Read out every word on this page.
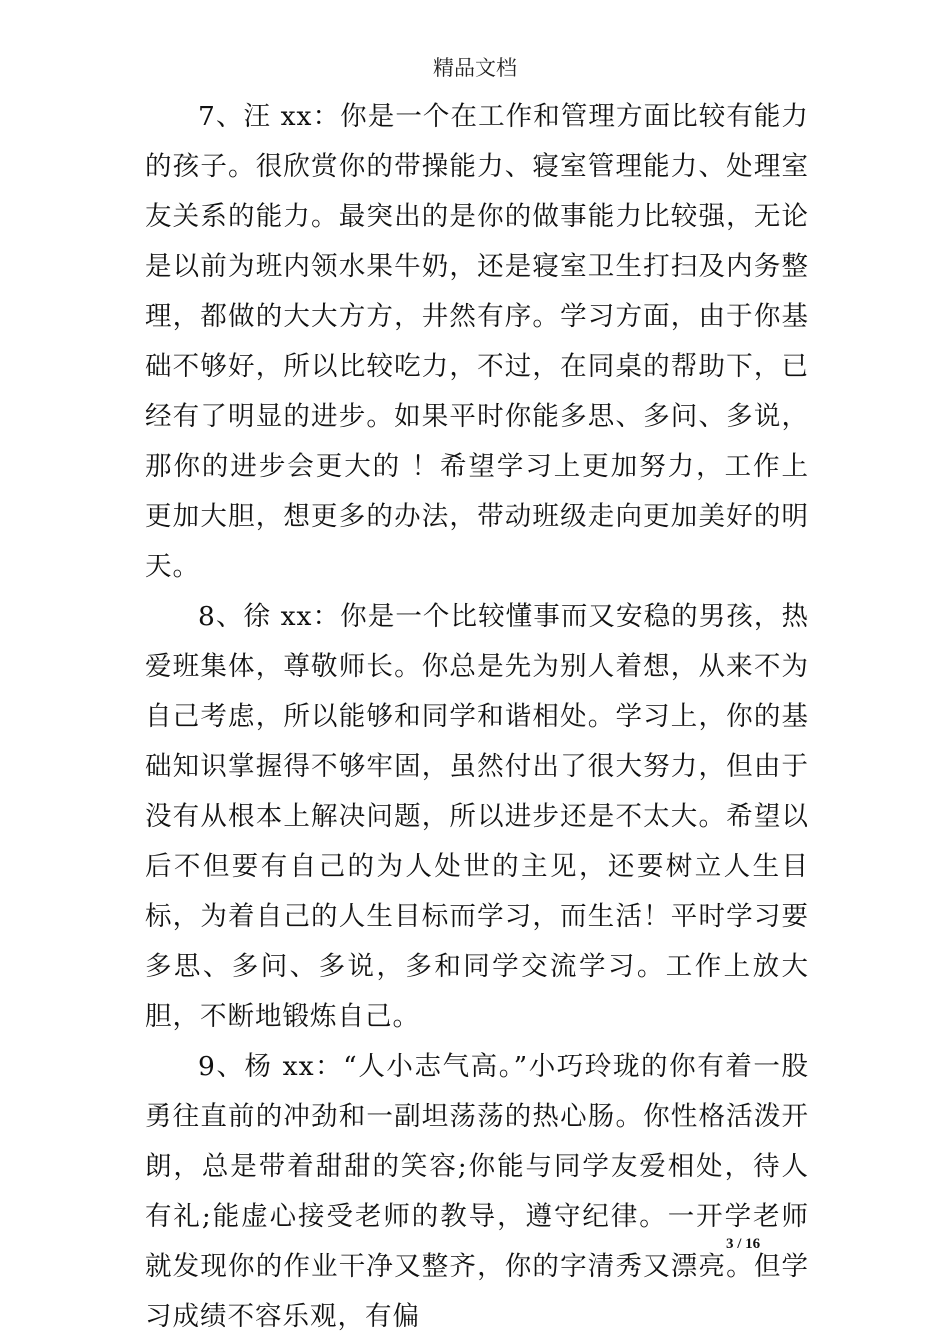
精品文档

7、汪 xx：你是一个在工作和管理方面比较有能力的孩子。很欣赏你的带操能力、寝室管理能力、处理室友关系的能力。最突出的是你的做事能力比较强，无论是以前为班内领水果牛奶，还是寝室卫生打扫及内务整理，都做的大大方方，井然有序。学习方面，由于你基础不够好，所以比较吃力，不过，在同桌的帮助下，已经有了明显的进步。如果平时你能多思、多问、多说，那你的进步会更大的 ！希望学习上更加努力，工作上更加大胆，想更多的办法，带动班级走向更加美好的明天。

8、徐 xx：你是一个比较懂事而又安稳的男孩，热爱班集体，尊敬师长。你总是先为别人着想，从来不为自己考虑，所以能够和同学和谐相处。学习上，你的基础知识掌握得不够牢固，虽然付出了很大努力，但由于没有从根本上解决问题，所以进步还是不太大。希望以后不但要有自己的为人处世的主见，还要树立人生目标，为着自己的人生目标而学习，而生活！平时学习要多思、多问、多说，多和同学交流学习。工作上放大胆，不断地锻炼自己。

9、杨 xx：“人小志气高。”小巧玲珑的你有着一股勇往直前的冲劲和一副坦荡荡的热心肠。你性格活泼开朗，总是带着甜甜的笑容;你能与同学友爱相处，待人有礼;能虚心接受老师的教导，遵守纪律。一开学老师就发现你的作业干净又整齐，你的字清秀又漂亮。但学习成绩不容乐观，有偏

3 / 16
